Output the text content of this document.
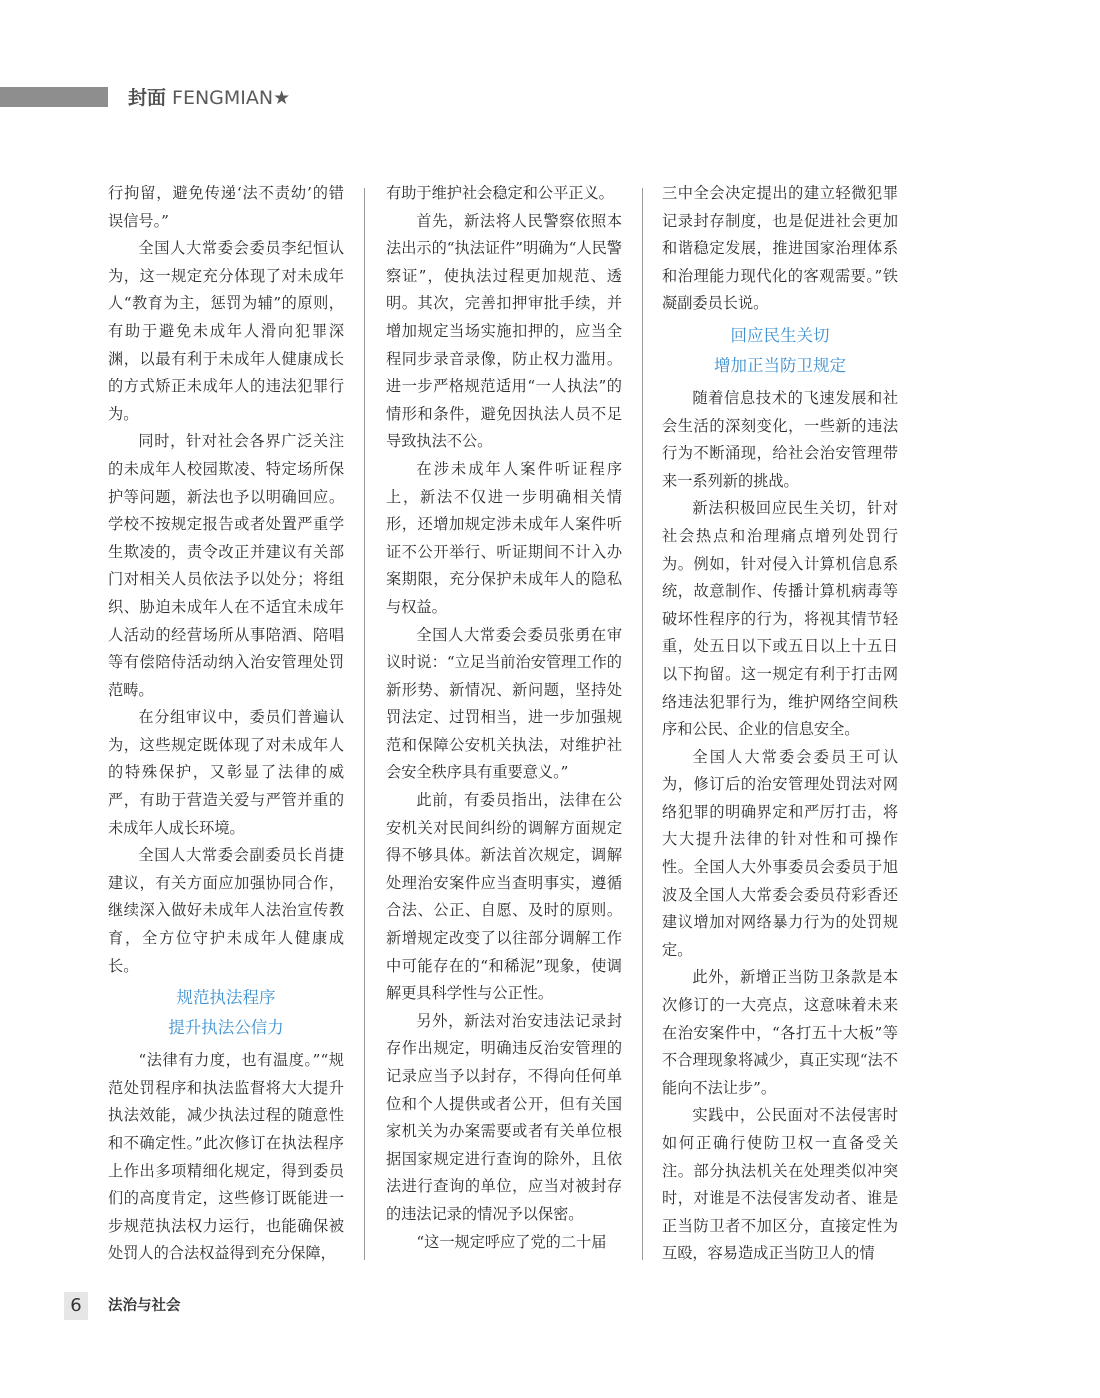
封面 FENGMIAN★

行拘留，避免传递‘法不责幼’的错误信号。”

全国人大常委会委员李纪恒认为，这一规定充分体现了对未成年人“教育为主，惩罚为辅”的原则，有助于避免未成年人滑向犯罪深渊，以最有利于未成年人健康成长的方式矫正未成年人的违法犯罪行为。

同时，针对社会各界广泛关注的未成年人校园欺凌、特定场所保护等问题，新法也予以明确回应。学校不按规定报告或者处置严重学生欺凌的，责令改正并建议有关部门对相关人员依法予以处分；将组织、胁迫未成年人在不适宜未成年人活动的经营场所从事陪酒、陪唱等有偿陪侍活动纳入治安管理处罚范畴。

在分组审议中，委员们普遍认为，这些规定既体现了对未成年人的特殊保护，又彰显了法律的威严，有助于营造关爱与严管并重的未成年人成长环境。

全国人大常委会副委员长肖捷建议，有关方面应加强协同合作，继续深入做好未成年人法治宣传教育，全方位守护未成年人健康成长。

规范执法程序
提升执法公信力

“法律有力度，也有温度。”“规范处罚程序和执法监督将大大提升执法效能，减少执法过程的随意性和不确定性。”此次修订在执法程序上作出多项精细化规定，得到委员们的高度肯定，这些修订既能进一步规范执法权力运行，也能确保被处罚人的合法权益得到充分保障，

有助于维护社会稳定和公平正义。

首先，新法将人民警察依照本法出示的“执法证件”明确为“人民警察证”，使执法过程更加规范、透明。其次，完善扣押审批手续，并增加规定当场实施扣押的，应当全程同步录音录像，防止权力滥用。进一步严格规范适用“一人执法”的情形和条件，避免因执法人员不足导致执法不公。

在涉未成年人案件听证程序上，新法不仅进一步明确相关情形，还增加规定涉未成年人案件听证不公开举行、听证期间不计入办案期限，充分保护未成年人的隐私与权益。

全国人大常委会委员张勇在审议时说：“立足当前治安管理工作的新形势、新情况、新问题，坚持处罚法定、过罚相当，进一步加强规范和保障公安机关执法，对维护社会安全秩序具有重要意义。”

此前，有委员指出，法律在公安机关对民间纠纷的调解方面规定得不够具体。新法首次规定，调解处理治安案件应当查明事实，遵循合法、公正、自愿、及时的原则。新增规定改变了以往部分调解工作中可能存在的“和稀泥”现象，使调解更具科学性与公正性。

另外，新法对治安违法记录封存作出规定，明确违反治安管理的记录应当予以封存，不得向任何单位和个人提供或者公开，但有关国家机关为办案需要或者有关单位根据国家规定进行查询的除外，且依法进行查询的单位，应当对被封存的违法记录的情况予以保密。

“这一规定呼应了党的二十届

三中全会决定提出的建立轻微犯罪记录封存制度，也是促进社会更加和谐稳定发展，推进国家治理体系和治理能力现代化的客观需要。”铁凝副委员长说。

回应民生关切
增加正当防卫规定

随着信息技术的飞速发展和社会生活的深刻变化，一些新的违法行为不断涌现，给社会治安管理带来一系列新的挑战。

新法积极回应民生关切，针对社会热点和治理痛点增列处罚行为。例如，针对侵入计算机信息系统，故意制作、传播计算机病毒等破坏性程序的行为，将视其情节轻重，处五日以下或五日以上十五日以下拘留。这一规定有利于打击网络违法犯罪行为，维护网络空间秩序和公民、企业的信息安全。

全国人大常委会委员王可认为，修订后的治安管理处罚法对网络犯罪的明确界定和严厉打击，将大大提升法律的针对性和可操作性。全国人大外事委员会委员于旭波及全国人大常委会委员苻彩香还建议增加对网络暴力行为的处罚规定。

此外，新增正当防卫条款是本次修订的一大亮点，这意味着未来在治安案件中，“各打五十大板”等不合理现象将减少，真正实现“法不能向不法让步”。

实践中，公民面对不法侵害时如何正确行使防卫权一直备受关注。部分执法机关在处理类似冲突时，对谁是不法侵害发动者、谁是正当防卫者不加区分，直接定性为互殴，容易造成正当防卫人的情

6	法治与社会
